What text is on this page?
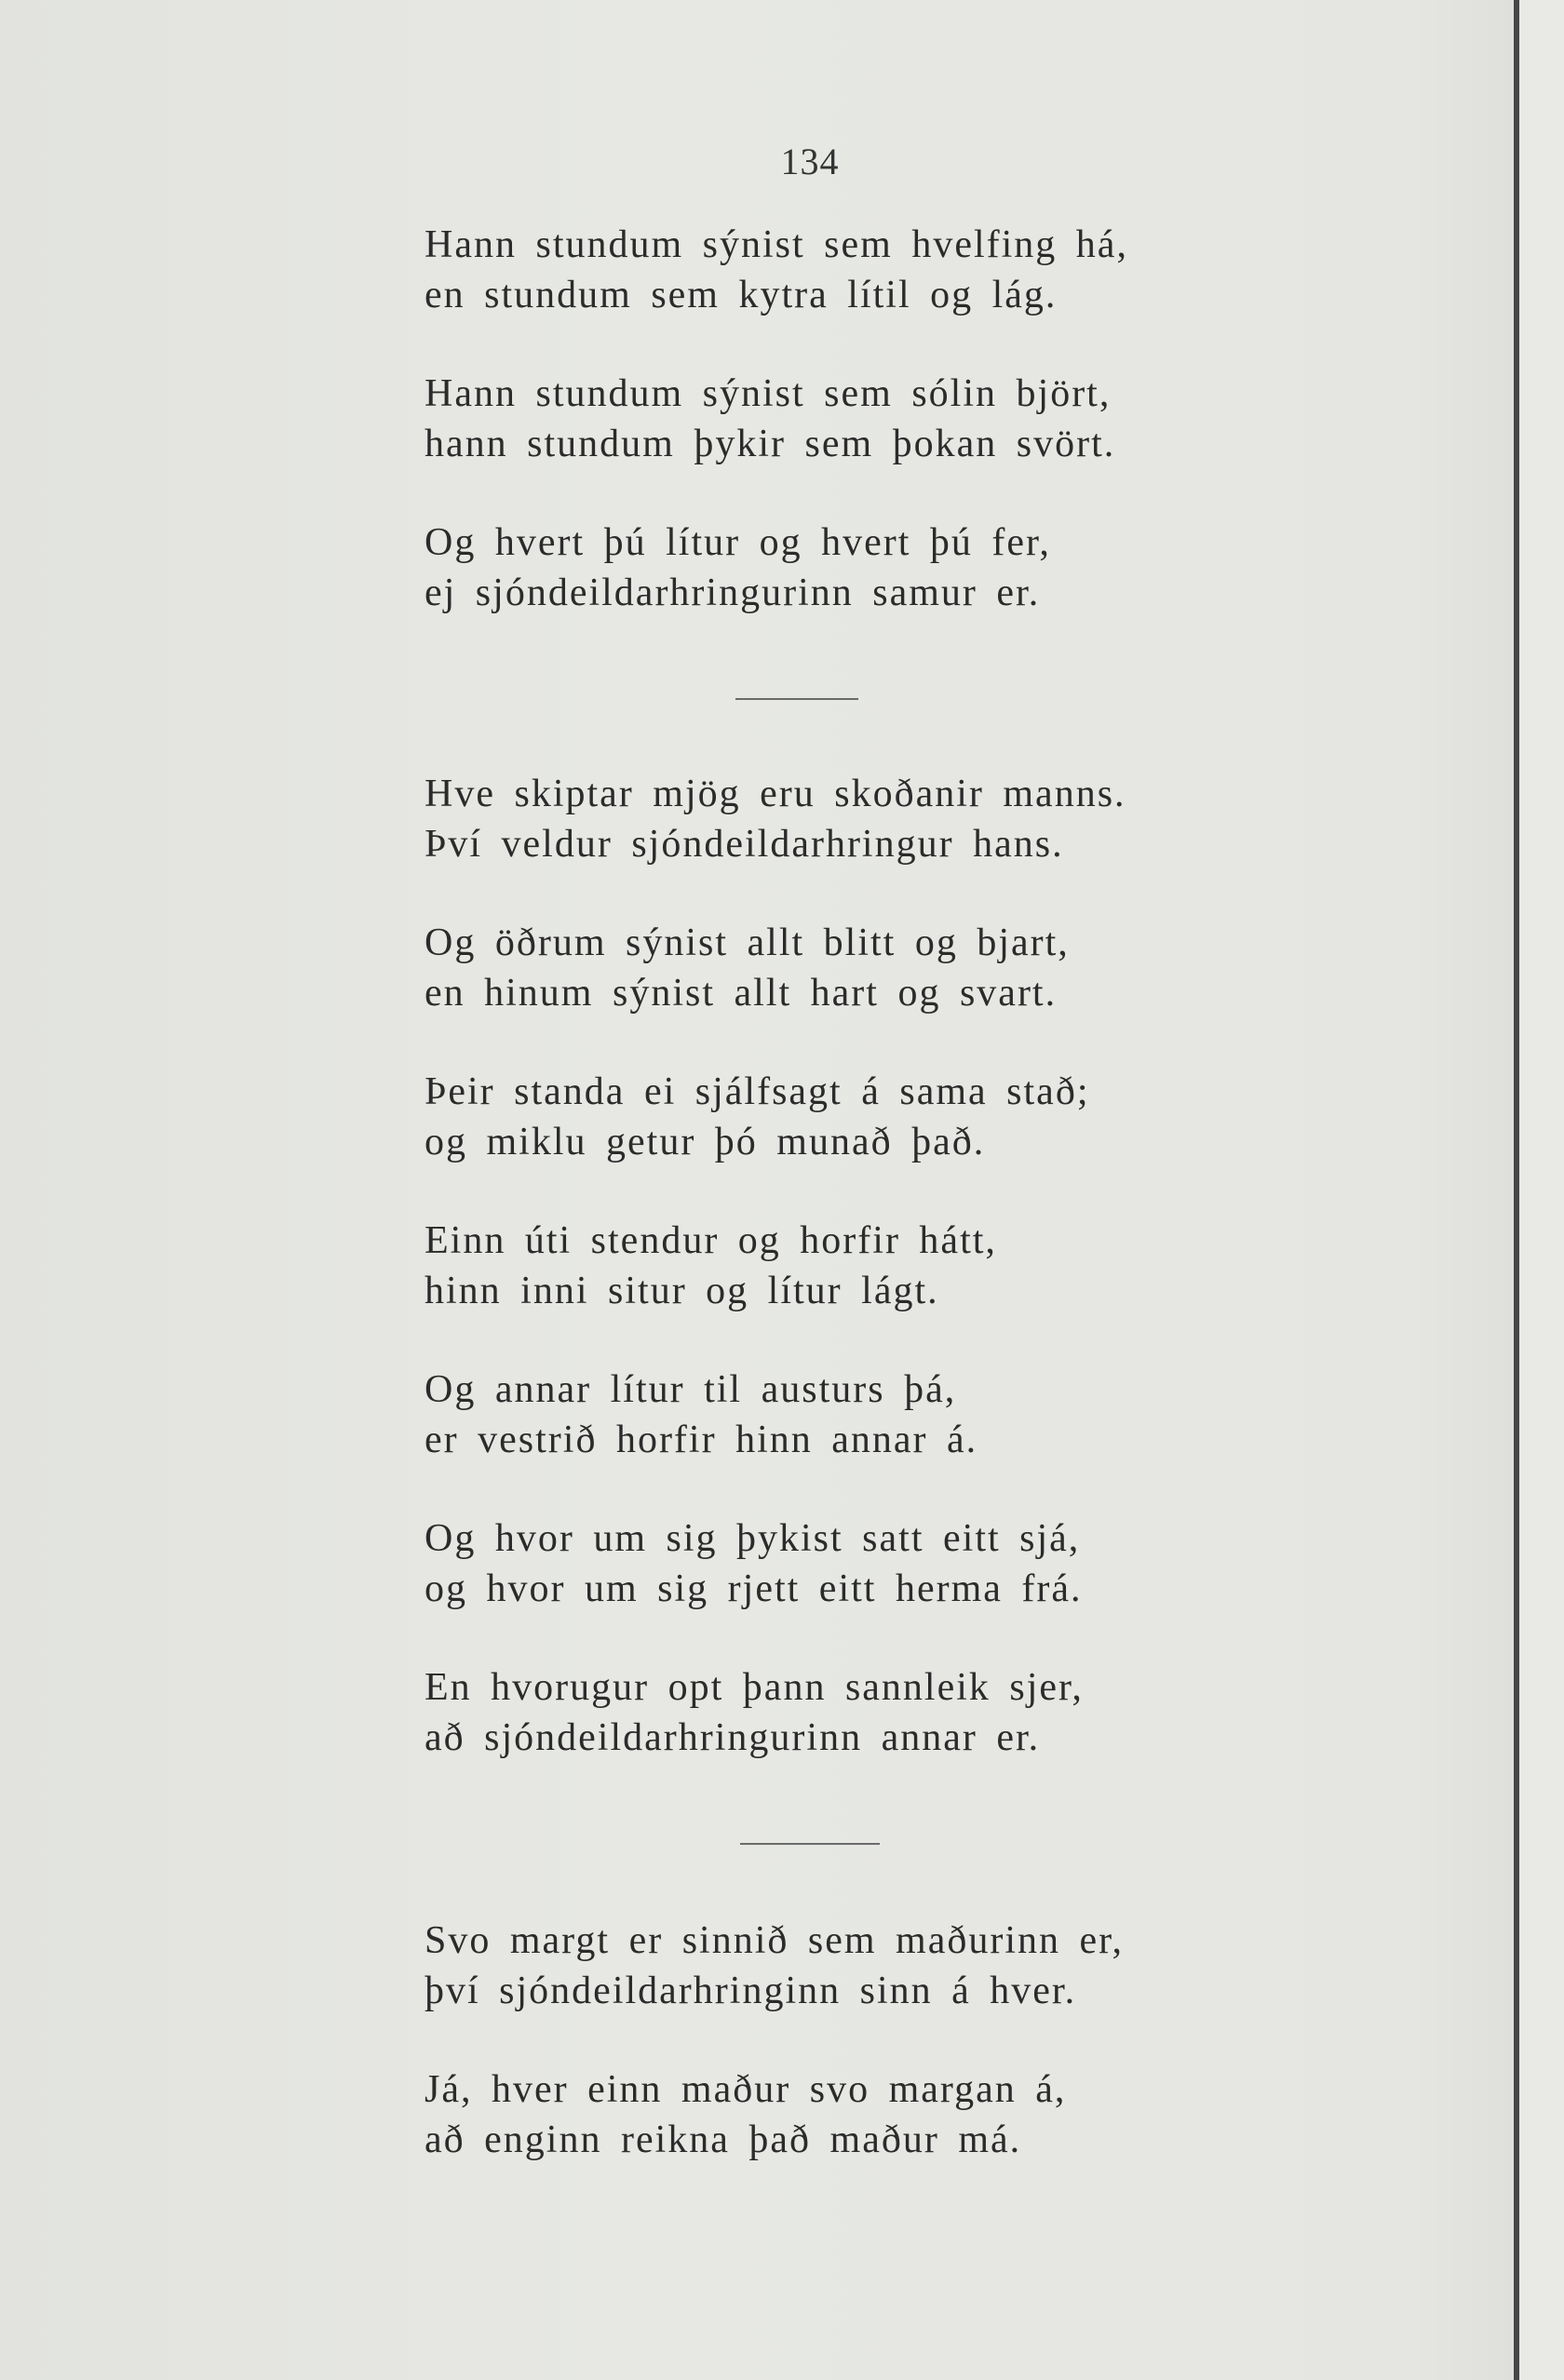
134
Hann stundum sýnist sem hvelfing há,
en stundum sem kytra lítil og lág.
Hann stundum sýnist sem sólin björt,
hann stundum þykir sem þokan svört.
Og hvert þú lítur og hvert þú fer,
ej sjóndeildarhringurinn samur er.
Hve skiptar mjög eru skoðanir manns.
Því veldur sjóndeildarhringur hans.
Og öðrum sýnist allt blitt og bjart,
en hinum sýnist allt hart og svart.
Þeir standa ei sjálfsagt á sama stað;
og miklu getur þó munað það.
Einn úti stendur og horfir hátt,
hinn inni situr og lítur lágt.
Og annar lítur til austurs þá,
er vestrið horfir hinn annar á.
Og hvor um sig þykist satt eitt sjá,
og hvor um sig rjett eitt herma frá.
En hvorugur opt þann sannleik sjer,
að sjóndeildarhringurinn annar er.
Svo margt er sinnið sem maðurinn er,
því sjóndeildarhringinn sinn á hver.
Já, hver einn maður svo margan á,
að enginn reikna það maður má.
